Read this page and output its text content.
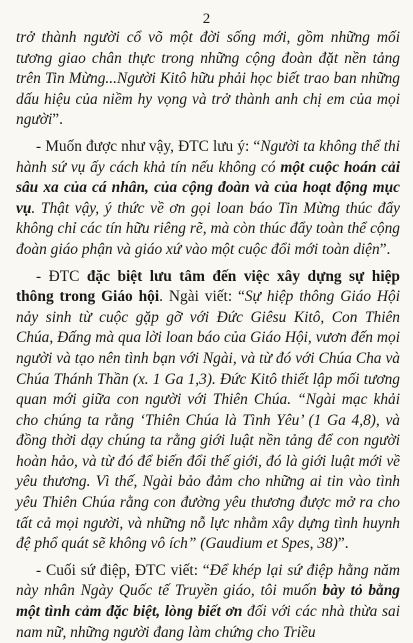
2

trở thành người cổ võ một đời sống mới, gồm những mối tương giao chân thực trong những cộng đoàn đặt nền tảng trên Tin Mừng...Người Kitô hữu phải học biết trao ban những dấu hiệu của niềm hy vọng và trở thành anh chị em của mọi người”.

- Muốn được như vậy, ĐTC lưu ý: “Người ta không thể thi hành sứ vụ ấy cách khả tín nếu không có một cuộc hoán cải sâu xa của cá nhân, của cộng đoàn và của hoạt động mục vụ. Thật vậy, ý thức về ơn gọi loan báo Tin Mừng thúc đẩy không chỉ các tín hữu riêng rẽ, mà còn thúc đẩy toàn thể cộng đoàn giáo phận và giáo xứ vào một cuộc đổi mới toàn diện”.

- ĐTC đặc biệt lưu tâm đến việc xây dựng sự hiệp thông trong Giáo hội. Ngài viết: “Sự hiệp thông Giáo Hội nảy sinh từ cuộc gặp gỡ với Đức Giêsu Kitô, Con Thiên Chúa, Đấng mà qua lời loan báo của Giáo Hội, vươn đến mọi người và tạo nên tình bạn với Ngài, và từ đó với Chúa Cha và Chúa Thánh Thần (x. 1 Ga 1,3). Đức Kitô thiết lập mối tương quan mới giữa con người với Thiên Chúa. “Ngài mạc khải cho chúng ta rằng ‘Thiên Chúa là Tình Yêu’ (1 Ga 4,8), và đồng thời dạy chúng ta rằng giới luật nền tảng để con người hoàn hảo, và từ đó để biến đổi thế giới, đó là giới luật mới về yêu thương. Vì thế, Ngài bảo đảm cho những ai tin vào tình yêu Thiên Chúa rằng con đường yêu thương được mở ra cho tất cả mọi người, và những nỗ lực nhằm xây dựng tình huynh đệ phổ quát sẽ không vô ích” (Gaudium et Spes, 38)”.

- Cuối sứ điệp, ĐTC viết: “Để khép lại sứ điệp hằng năm này nhân Ngày Quốc tế Truyền giáo, tôi muốn bày tỏ bằng một tình cảm đặc biệt, lòng biết ơn đối với các nhà thừa sai nam nữ, những người đang làm chứng cho Triều
